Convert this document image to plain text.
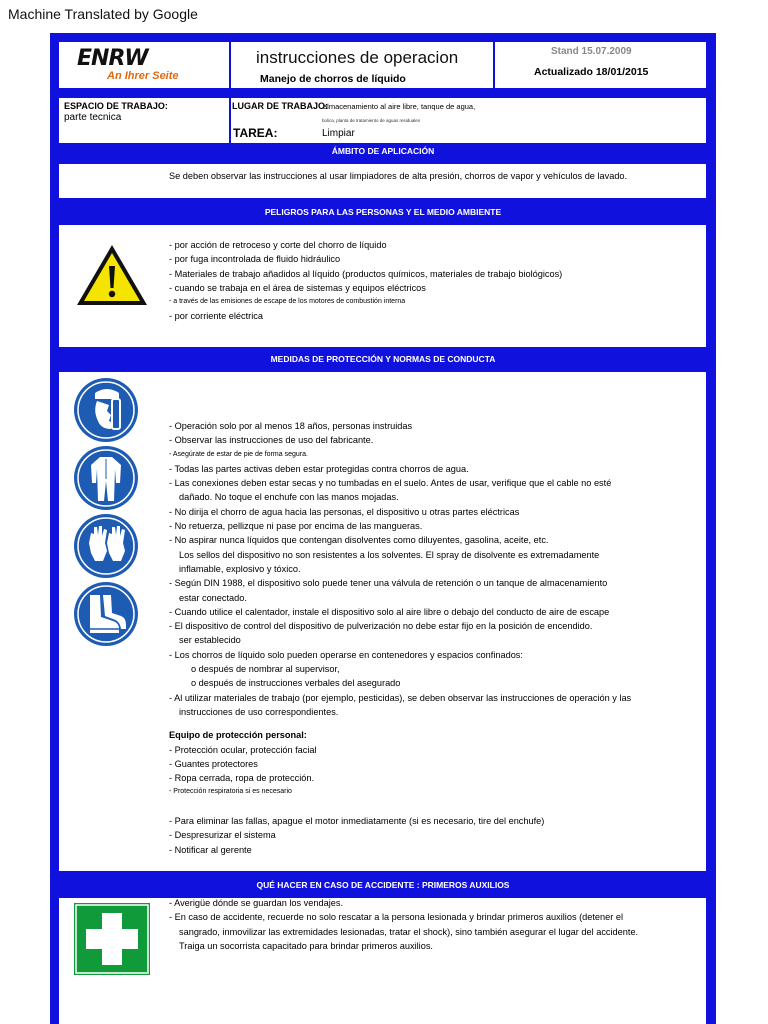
Machine Translated by Google
ENRW
An Ihrer Seite
instrucciones de operacion
Manejo de chorros de líquido
Stand 15.07.2009
Actualizado 18/01/2015
ESPACIO DE TRABAJO:
parte tecnica
LUGAR DE TRABAJO:
almacenamiento al aire libre, tanque de agua,
bolica, planta de tratamiento de aguas residuales
TAREA:	Limpiar
ÁMBITO DE APLICACIÓN
Se deben observar las instrucciones al usar limpiadores de alta presión, chorros de vapor y vehículos de lavado.
PELIGROS PARA LAS PERSONAS Y EL MEDIO AMBIENTE
- por acción de retroceso y corte del chorro de líquido
- por fuga incontrolada de fluido hidráulico
- Materiales de trabajo añadidos al líquido (productos químicos, materiales de trabajo biológicos)
- cuando se trabaja en el área de sistemas y equipos eléctricos
- a través de las emisiones de escape de los motores de combustión interna
- por corriente eléctrica
MEDIDAS DE PROTECCIÓN Y NORMAS DE CONDUCTA
- Operación solo por al menos 18 años, personas instruidas
- Observar las instrucciones de uso del fabricante.
- Asegúrate de estar de pie de forma segura.
- Todas las partes activas deben estar protegidas contra chorros de agua.
- Las conexiones deben estar secas y no tumbadas en el suelo. Antes de usar, verifique que el cable no esté
dañado. No toque el enchufe con las manos mojadas.
- No dirija el chorro de agua hacia las personas, el dispositivo u otras partes eléctricas
- No retuerza, pellizque ni pase por encima de las mangueras.
- No aspirar nunca líquidos que contengan disolventes como diluyentes, gasolina, aceite, etc.
Los sellos del dispositivo no son resistentes a los solventes. El spray de disolvente es extremadamente
inflamable, explosivo y tóxico.
- Según DIN 1988, el dispositivo solo puede tener una válvula de retención o un tanque de almacenamiento
estar conectado.
- Cuando utilice el calentador, instale el dispositivo solo al aire libre o debajo del conducto de aire de escape
- El dispositivo de control del dispositivo de pulverización no debe estar fijo en la posición de encendido.
ser establecido
- Los chorros de líquido solo pueden operarse en contenedores y espacios confinados:
o después de nombrar al supervisor,
o después de instrucciones verbales del asegurado
- Al utilizar materiales de trabajo (por ejemplo, pesticidas), se deben observar las instrucciones de operación y las
instrucciones de uso correspondientes.
Equipo de protección personal:
- Protección ocular, protección facial
- Guantes protectores
- Ropa cerrada, ropa de protección.
- Protección respiratoria si es necesario	COMPORTAMIENTO ANTE FALTAS
- Para eliminar las fallas, apague el motor inmediatamente (si es necesario, tire del enchufe)
- Despresurizar el sistema
- Notificar al gerente
QUÉ HACER EN CASO DE ACCIDENTE : PRIMEROS AUXILIOS
- Averigüe dónde se guardan los vendajes.
- En caso de accidente, recuerde no solo rescatar a la persona lesionada y brindar primeros auxilios (detener el
sangrado, inmovilizar las extremidades lesionadas, tratar el shock), sino también asegurar el lugar del accidente.
Traiga un socorrista capacitado para brindar primeros auxilios.
